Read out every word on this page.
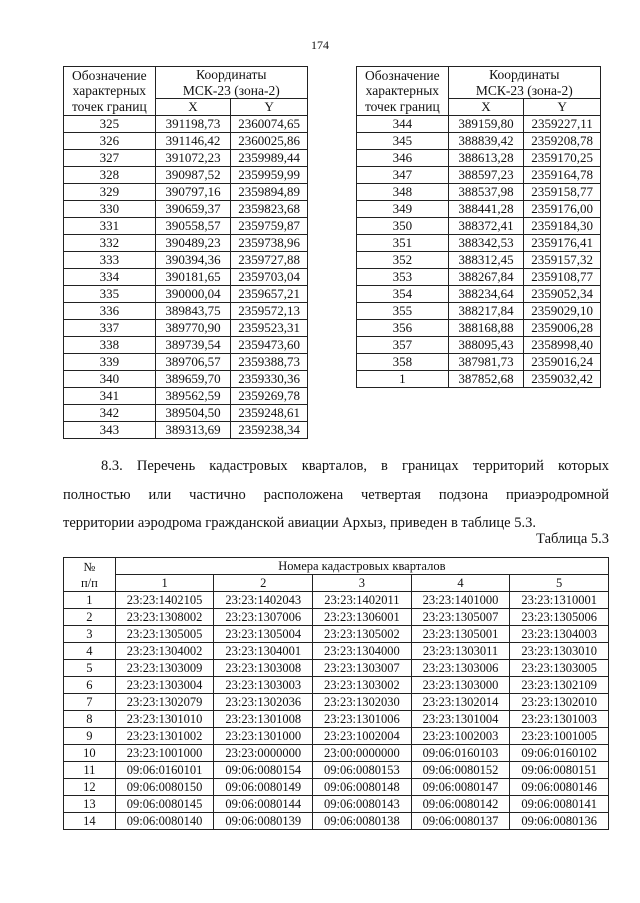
174
Обозначение
характерных
точек границ	Координаты
МСК-23 (зона-2)	

	X	Y
325	391198,73	2360074,65
326	391146,42	2360025,86
327	391072,23	2359989,44
328	390987,52	2359959,99
329	390797,16	2359894,89
330	390659,37	2359823,68
331	390558,57	2359759,87
332	390489,23	2359738,96
333	390394,36	2359727,88
334	390181,65	2359703,04
335	390000,04	2359657,21
336	389843,75	2359572,13
337	389770,90	2359523,31
338	389739,54	2359473,60
339	389706,57	2359388,73
340	389659,70	2359330,36
341	389562,59	2359269,78
342	389504,50	2359248,61
343	389313,69	2359238,34
Обозначение
характерных
точек границ	Координаты
МСК-23 (зона-2)	

	X	Y
344	389159,80	2359227,11
345	388839,42	2359208,78
346	388613,28	2359170,25
347	388597,23	2359164,78
348	388537,98	2359158,77
349	388441,28	2359176,00
350	388372,41	2359184,30
351	388342,53	2359176,41
352	388312,45	2359157,32
353	388267,84	2359108,77
354	388234,64	2359052,34
355	388217,84	2359029,10
356	388168,88	2359006,28
357	388095,43	2358998,40
358	387981,73	2359016,24
1	387852,68	2359032,42

8.3. Перечень кадастровых кварталов, в границах территорий которых

полностью или частично расположена четвертая подзона приаэродромной

территории аэродрома гражданской авиации Архыз, приведен в таблице 5.3.

Таблица 5.3
№
п/п	Номера кадастровых кварталов				
	1	2	3	4	5
1	23:23:1402105	23:23:1402043	23:23:1402011	23:23:1401000	23:23:1310001
2	23:23:1308002	23:23:1307006	23:23:1306001	23:23:1305007	23:23:1305006
3	23:23:1305005	23:23:1305004	23:23:1305002	23:23:1305001	23:23:1304003
4	23:23:1304002	23:23:1304001	23:23:1304000	23:23:1303011	23:23:1303010
5	23:23:1303009	23:23:1303008	23:23:1303007	23:23:1303006	23:23:1303005
6	23:23:1303004	23:23:1303003	23:23:1303002	23:23:1303000	23:23:1302109
7	23:23:1302079	23:23:1302036	23:23:1302030	23:23:1302014	23:23:1302010
8	23:23:1301010	23:23:1301008	23:23:1301006	23:23:1301004	23:23:1301003
9	23:23:1301002	23:23:1301000	23:23:1002004	23:23:1002003	23:23:1001005
10	23:23:1001000	23:23:0000000	23:00:0000000	09:06:0160103	09:06:0160102
11	09:06:0160101	09:06:0080154	09:06:0080153	09:06:0080152	09:06:0080151
12	09:06:0080150	09:06:0080149	09:06:0080148	09:06:0080147	09:06:0080146
13	09:06:0080145	09:06:0080144	09:06:0080143	09:06:0080142	09:06:0080141
14	09:06:0080140	09:06:0080139	09:06:0080138	09:06:0080137	09:06:0080136
